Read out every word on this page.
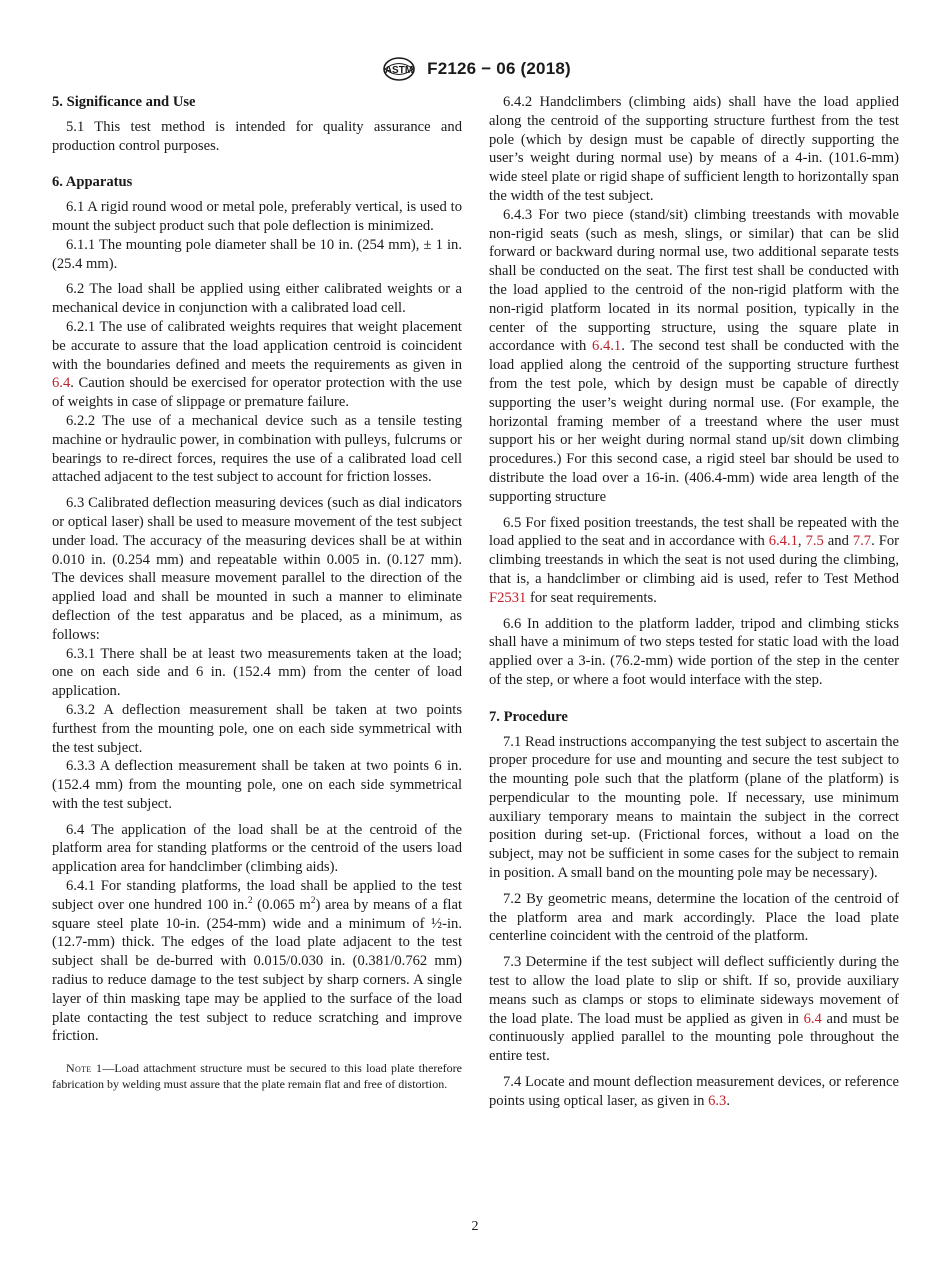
ASTM F2126 − 06 (2018)
5. Significance and Use

5.1 This test method is intended for quality assurance and production control purposes.

6. Apparatus

6.1 A rigid round wood or metal pole, preferably vertical, is used to mount the subject product such that pole deflection is minimized.

6.1.1 The mounting pole diameter shall be 10 in. (254 mm), ± 1 in. (25.4 mm).

6.2 The load shall be applied using either calibrated weights or a mechanical device in conjunction with a calibrated load cell.

6.2.1 The use of calibrated weights requires that weight placement be accurate to assure that the load application centroid is coincident with the boundaries defined and meets the requirements as given in 6.4. Caution should be exercised for operator protection with the use of weights in case of slippage or premature failure.

6.2.2 The use of a mechanical device such as a tensile testing machine or hydraulic power, in combination with pulleys, fulcrums or bearings to re-direct forces, requires the use of a calibrated load cell attached adjacent to the test subject to account for friction losses.

6.3 Calibrated deflection measuring devices (such as dial indicators or optical laser) shall be used to measure movement of the test subject under load. The accuracy of the measuring devices shall be at within 0.010 in. (0.254 mm) and repeatable within 0.005 in. (0.127 mm). The devices shall measure movement parallel to the direction of the applied load and shall be mounted in such a manner to eliminate deflection of the test apparatus and be placed, as a minimum, as follows:

6.3.1 There shall be at least two measurements taken at the load; one on each side and 6 in. (152.4 mm) from the center of load application.

6.3.2 A deflection measurement shall be taken at two points furthest from the mounting pole, one on each side symmetrical with the test subject.

6.3.3 A deflection measurement shall be taken at two points 6 in. (152.4 mm) from the mounting pole, one on each side symmetrical with the test subject.

6.4 The application of the load shall be at the centroid of the platform area for standing platforms or the centroid of the users load application area for handclimber (climbing aids).

6.4.1 For standing platforms, the load shall be applied to the test subject over one hundred 100 in.$^2$ (0.065 $m^2$) area by means of a flat square steel plate 10-in. (254-mm) wide and a minimum of ½-in. (12.7-mm) thick. The edges of the load plate adjacent to the test subject shall be de-burred with 0.015/0.030 in. (0.381/0.762 mm) radius to reduce damage to the test subject by sharp corners. A single layer of thin masking tape may be applied to the surface of the load plate contacting the test subject to reduce scratching and improve friction.

Note 1—Load attachment structure must be secured to this load plate therefore fabrication by welding must assure that the plate remain flat and free of distortion.

6.4.2 Handclimbers (climbing aids) shall have the load applied along the centroid of the supporting structure furthest from the test pole (which by design must be capable of directly supporting the user’s weight during normal use) by means of a 4-in. (101.6-mm) wide steel plate or rigid shape of sufficient length to horizontally span the width of the test subject.

6.4.3 For two piece (stand/sit) climbing treestands with movable non-rigid seats (such as mesh, slings, or similar) that can be slid forward or backward during normal use, two additional separate tests shall be conducted on the seat. The first test shall be conducted with the load applied to the centroid of the non-rigid platform with the non-rigid platform located in its normal position, typically in the center of the supporting structure, using the square plate in accordance with 6.4.1. The second test shall be conducted with the load applied along the centroid of the supporting structure furthest from the test pole, which by design must be capable of directly supporting the user’s weight during normal use. (For example, the horizontal framing member of a treestand where the user must support his or her weight during normal stand up/sit down climbing procedures.) For this second case, a rigid steel bar should be used to distribute the load over a 16-in. (406.4-mm) wide area length of the supporting structure

6.5 For fixed position treestands, the test shall be repeated with the load applied to the seat and in accordance with 6.4.1, 7.5 and 7.7. For climbing treestands in which the seat is not used during the climbing, that is, a handclimber or climbing aid is used, refer to Test Method F2531 for seat requirements.

6.6 In addition to the platform ladder, tripod and climbing sticks shall have a minimum of two steps tested for static load with the load applied over a 3-in. (76.2-mm) wide portion of the step in the center of the step, or where a foot would interface with the step.

7. Procedure

7.1 Read instructions accompanying the test subject to ascertain the proper procedure for use and mounting and secure the test subject to the mounting pole such that the platform (plane of the platform) is perpendicular to the mounting pole. If necessary, use minimum auxiliary temporary means to maintain the subject in the correct position during set-up. (Frictional forces, without a load on the subject, may not be sufficient in some cases for the subject to remain in position. A small band on the mounting pole may be necessary).

7.2 By geometric means, determine the location of the centroid of the platform area and mark accordingly. Place the load plate centerline coincident with the centroid of the platform.

7.3 Determine if the test subject will deflect sufficiently during the test to allow the load plate to slip or shift. If so, provide auxiliary means such as clamps or stops to eliminate sideways movement of the load plate. The load must be applied as given in 6.4 and must be continuously applied parallel to the mounting pole throughout the entire test.

7.4 Locate and mount deflection measurement devices, or reference points using optical laser, as given in 6.3.

2
